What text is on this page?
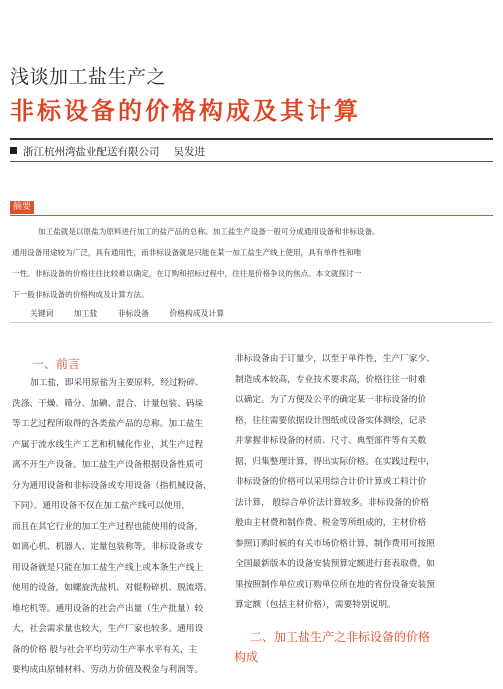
浅谈加工盐生产之
非标设备的价格构成及其计算
浙江杭州湾盐业配送有限公司 吴发进
摘要
加工盐就是以原盐为原料进行加工的盐产品的总称。加工盐生产设备一般可分成通用设备和非标设备。
通用设备用途较为广泛，具有通用性，而非标设备就是只能在某一加工盐生产线上使用，具有单件性和唯
一性。非标设备的价格往往比较难以确定，在订购和招标过程中，往往是价格争议的焦点。本文就探讨一
下一般非标设备的价格构成及计算方法。
关键词	加工盐	非标设备	价格构成及计算
一、前言
加工盐，即采用原盐为主要原料，经过粉碎、
洗涤、干燥、筛分、加碘、混合、计量包装、码垛
等工艺过程所取得的各类盐产品的总称。加工盐生
产属于流水线生产工艺和机械化作业，其生产过程
离不开生产设备。加工盐生产设备根据设备性质可
分为通用设备和非标设备或专用设备（指机械设备，
下同）。通用设备不仅在加工盐产线可以使用，
而且在其它行业的加工生产过程也能使用的设备，
如离心机、机器人、定量包装称等。非标设备或专
用设备就是只能在加工盐生产线上或本条生产线上
使用的设备，如螺旋洗盐机、对辊粉碎机、脱流塔、
堆坨机等。通用设备的社会产出量（生产批量）较
大，社会需求量也较大，生产厂家也较多。通用设
备的价格 般与社会平均劳动生产率水平有关，主
要构成由原辅材料、劳动力价值及税金与利润等。
非标设备由于订量少，以至于单件性，生产厂家少、
制造成本较高，专业技术要求高，价格往往一时难
以确定。为了方便及公平的确定某一非标设备的价
格，往往需要依据设计图纸或设备实体测绘，记录
并掌握非标设备的材质、尺寸、典型部件等有关数
据，归集整理计算，得出实际价格。在实践过程中，
非标设备的价格可以采用综合计价计算或工料计价
法计算， 般综合单价法计算较多。非标设备的价格
般由主材费和制作费、税金等所组成的，主材价格
参照订购时候的有关市场价格计算，制作费用可按照
全国最新版本的设备安装预算定额进行套表取费，如
果按照制作单位或订购单位所在地的省份设备安装预
算定额（包括主材价格），需要特别说明。
二、加工盐生产之非标设备的价格
构成
